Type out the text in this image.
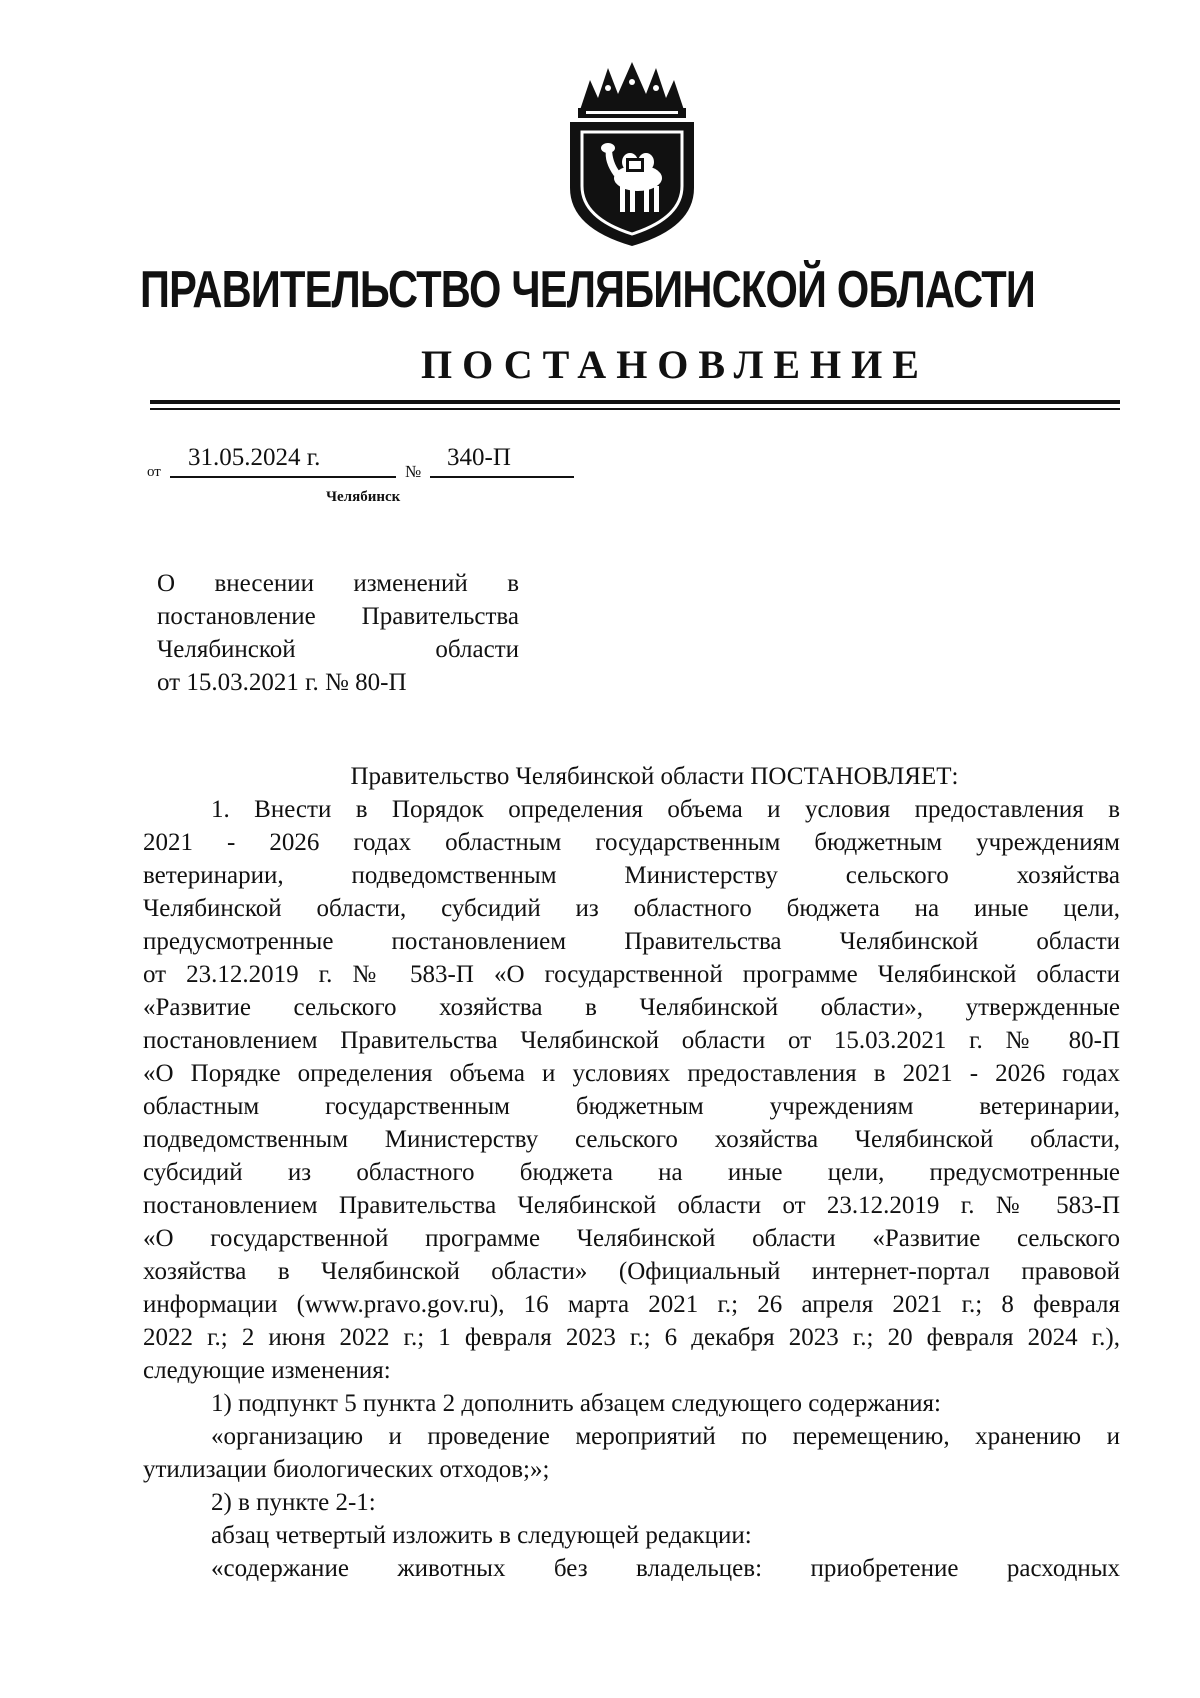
ПРАВИТЕЛЬСТВО ЧЕЛЯБИНСКОЙ ОБЛАСТИ
ПОСТАНОВЛЕНИЕ
от
31.05.2024 г.
№
340-П
Челябинск
О внесении изменений в
постановление Правительства
Челябинской области
от 15.03.2021 г. № 80-П
Правительство Челябинской области ПОСТАНОВЛЯЕТ:
1. Внести в Порядок определения объема и условия предоставления в
2021 - 2026 годах областным государственным бюджетным учреждениям
ветеринарии, подведомственным Министерству сельского хозяйства
Челябинской области, субсидий из областного бюджета на иные цели,
предусмотренные постановлением Правительства Челябинской области
от 23.12.2019 г. № 583-П «О государственной программе Челябинской области
«Развитие сельского хозяйства в Челябинской области», утвержденные
постановлением Правительства Челябинской области от 15.03.2021 г. № 80-П
«О Порядке определения объема и условиях предоставления в 2021 - 2026 годах
областным государственным бюджетным учреждениям ветеринарии,
подведомственным Министерству сельского хозяйства Челябинской области,
субсидий из областного бюджета на иные цели, предусмотренные
постановлением Правительства Челябинской области от 23.12.2019 г. № 583-П
«О государственной программе Челябинской области «Развитие сельского
хозяйства в Челябинской области» (Официальный интернет-портал правовой
информации (www.pravo.gov.ru), 16 марта 2021 г.; 26 апреля 2021 г.; 8 февраля
2022 г.; 2 июня 2022 г.; 1 февраля 2023 г.; 6 декабря 2023 г.; 20 февраля 2024 г.),
следующие изменения:
1) подпункт 5 пункта 2 дополнить абзацем следующего содержания:
«организацию и проведение мероприятий по перемещению, хранению и
утилизации биологических отходов;»;
2) в пункте 2-1:
абзац четвертый изложить в следующей редакции:
«содержание животных без владельцев: приобретение расходных
